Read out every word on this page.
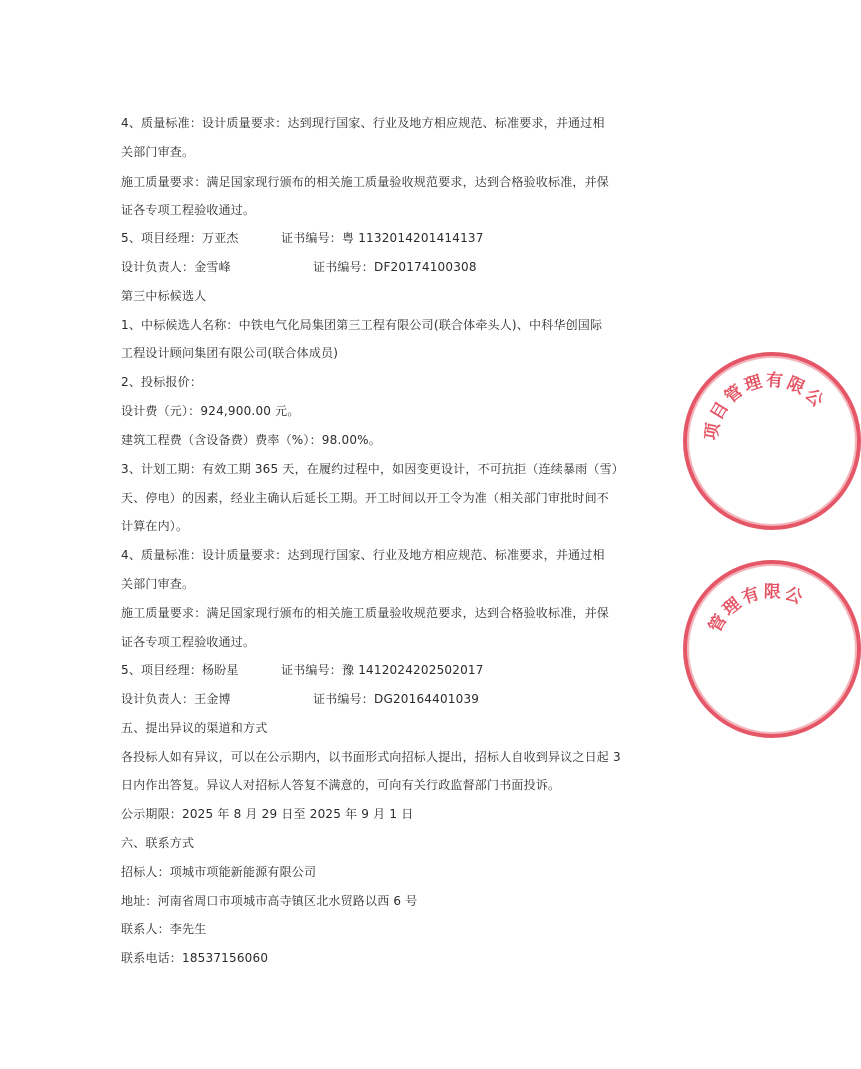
4、质量标准：设计质量要求：达到现行国家、行业及地方相应规范、标准要求，并通过相
关部门审查。
施工质量要求：满足国家现行颁布的相关施工质量验收规范要求，达到合格验收标准，并保
证各专项工程验收通过。
5、项目经理：万亚杰	证书编号：粤 1132014201414137
设计负责人：金雪峰	证书编号：DF20174100308
第三中标候选人
1、中标候选人名称：中铁电气化局集团第三工程有限公司(联合体牵头人)、中科华创国际
工程设计顾问集团有限公司(联合体成员)
2、投标报价：
设计费（元）：924,900.00 元。
建筑工程费（含设备费）费率（%）：98.00%。
3、计划工期：有效工期 365 天，在履约过程中，如因变更设计，不可抗拒（连续暴雨（雪）
天、停电）的因素，经业主确认后延长工期。开工时间以开工令为准（相关部门审批时间不
计算在内）。
4、质量标准：设计质量要求：达到现行国家、行业及地方相应规范、标准要求，并通过相
关部门审查。
施工质量要求：满足国家现行颁布的相关施工质量验收规范要求，达到合格验收标准，并保
证各专项工程验收通过。
5、项目经理：杨盼星	证书编号：豫 1412024202502017
设计负责人：王金博	证书编号：DG20164401039
五、提出异议的渠道和方式
各投标人如有异议，可以在公示期内，以书面形式向招标人提出，招标人自收到异议之日起 3
日内作出答复。异议人对招标人答复不满意的，可向有关行政监督部门书面投诉。
公示期限：2025 年 8 月 29 日至 2025 年 9 月 1 日
六、联系方式
招标人：项城市项能新能源有限公司
地址：河南省周口市项城市高寺镇区北水贸路以西 6 号
联系人：李先生
联系电话：18537156060
项目管理有限公
管理有限公
